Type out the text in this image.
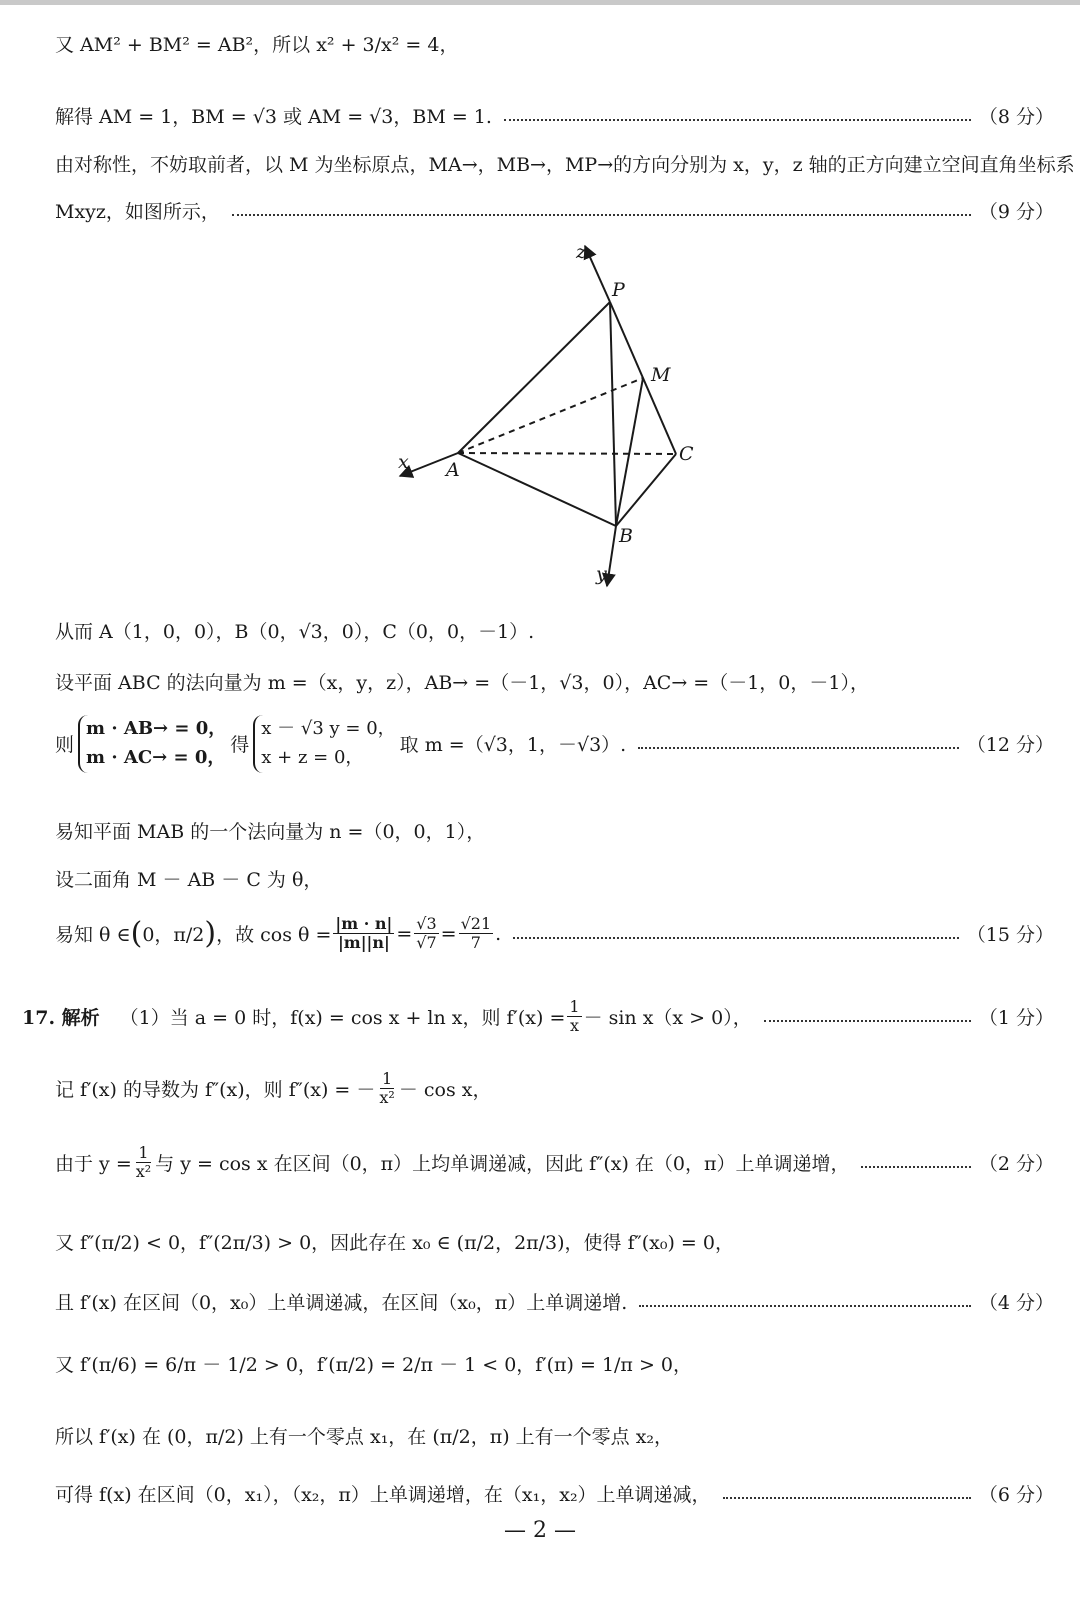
又 AM² + BM² = AB²，所以 x² + 3/x² = 4，
解得 AM = 1，BM = √3 或 AM = √3，BM = 1.	（8 分）
由对称性，不妨取前者，以 M 为坐标原点，MA→，MB→，MP→的方向分别为 x，y，z 轴的正方向建立空间直角坐标系
Mxyz，如图所示，	（9 分）
z
P
M
x A
C
B
y
从而 A（1，0，0），B（0，√3，0），C（0，0，－1）.
设平面 ABC 的法向量为 m =（x，y，z），AB→ =（－1，√3，0），AC→ =（－1，0，－1），
则
m · AB→ = 0，
m · AC→ = 0，
得
x － √3 y = 0，
x + z = 0，
取 m =（√3，1，－√3）.	（12 分）
易知平面 MAB 的一个法向量为 n =（0，0，1），
设二面角 M － AB － C 为 θ，
易知 θ ∈ ( 0，π/2 ) ，故 $\cos \theta = \frac{|m \cdot n|}{|m||n|} = \frac{√3}{√7} = \frac{√21}{7}$ .	（15 分）
17. 解析 （1）当 a = 0 时，f(x) = cos x + ln x，则 $f'(x) = \frac{1}{x} - \sin x(x > 0)$，	（1 分）
记 f′(x) 的导数为 f″(x)，则 f″(x) = － $\frac{1}{\text{x²}} - \cos x$，
由于 $y = \frac{1}{\text{x²}}$ 与 y = cos x 在区间（0，π）上均单调递减，因此 f″(x) 在（0，π）上单调递增，	（2 分）
又 f″(π/2) < 0，f″(2π/3) > 0，因此存在 x₀ ∈ (π/2，2π/3)，使得 f″(x₀) = 0，
且 f′(x) 在区间（0，x₀）上单调递减，在区间（x₀，π）上单调递增.	（4 分）
又 f′(π/6) = 6/π － 1/2 > 0，f′(π/2) = 2/π － 1 < 0，f′(π) = 1/π > 0，
所以 f′(x) 在 (0，π/2) 上有一个零点 x₁，在 (π/2，π) 上有一个零点 x₂，
可得 f(x) 在区间（0，x₁），（x₂，π）上单调递增，在（x₁，x₂）上单调递减，	（6 分）
— 2 —
